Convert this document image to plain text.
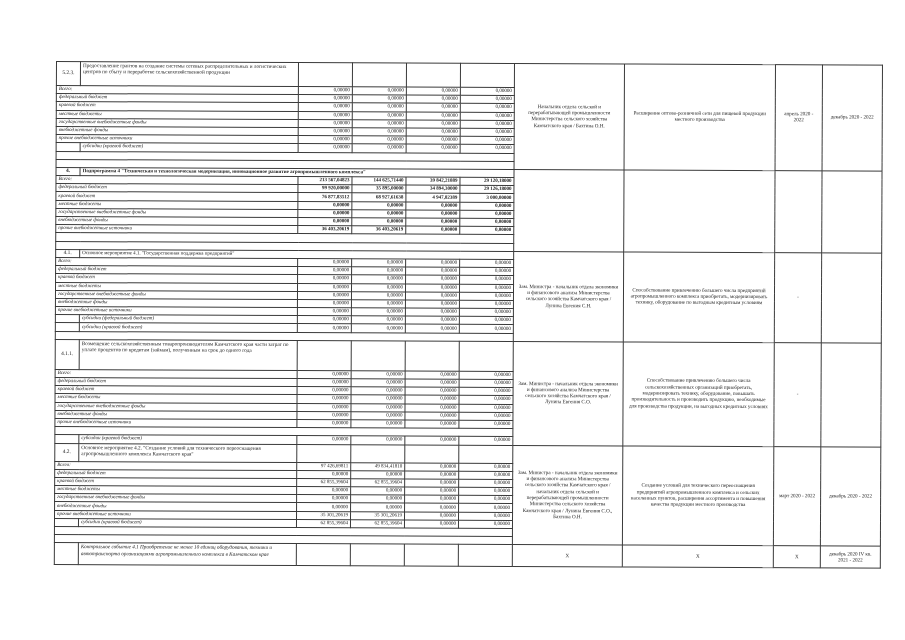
5.2.3.	Предоставление грантов на создание системы сетевых распределительных и логистических центров по сбыту и переработке сельскохозяйственной продукции					Начальник отдела сельской и перерабатывающей промышленности Министерства сельского хозяйства Камчатского края / Бахтина О.Н.	Расширение оптово-розничной сети для пищевой продукции местного производства	апрель 2020 - 2022	декабрь 2020 - 2022
Всего:		0,00000	0,00000	0,00000	0,00000				
федеральный бюджет		0,00000	0,00000	0,00000	0,00000				
краевой бюджет		0,00000	0,00000	0,00000	0,00000				
местные бюджеты		0,00000	0,00000	0,00000	0,00000				
государственные внебюджетные фонды		0,00000	0,00000	0,00000	0,00000				
внебюджетные фонды		0,00000	0,00000	0,00000	0,00000				
прочие внебюджетные источники		0,00000	0,00000	0,00000	0,00000				
	субсидии (краевой бюджет)	0,00000	0,00000	0,00000	0,00000				

4.	Подпрограмма 4 "Техническая и технологическая модернизация, инновационное развитие агропромышленного комплекса"								
Всего:		213 567,04823	144 625,71440	39 842,21889	29 120,18000				
федеральный бюджет		99 920,00000	35 895,00000	34 894,30000	29 126,18000				
краевой бюджет		76 877,83512	68 927,61638	4 947,82389	3 000,00000				
местные бюджеты		0,00000	0,00000	0,00000	0,00000				
государственные внебюджетные фонды		0,00000	0,00000	0,00000	0,00000				
внебюджетные фонды		0,00000	0,00000	0,00000	0,00000				
прочие внебюджетные источники		36 403,20619	36 403,20619	0,00000	0,00000				

4.1.	Основное мероприятие 4.1. "Государственная поддержка предприятий"					Зам. Министра - начальник отдела экономики и финансового анализа Министерства сельского хозяйства Камчатского края / Лунина Евгения С.Н.	Способствование привлечению большего числа предприятий агропромышленного комплекса приобретать, модернизировать технику, оборудование по выгодным кредитным условиям	-	
Всего:		0,00000	0,00000	0,00000	0,00000				
федеральный бюджет		0,00000	0,00000	0,00000	0,00000				
краевой бюджет		0,00000	0,00000	0,00000	0,00000				
местные бюджеты		0,00000	0,00000	0,00000	0,00000				
государственные внебюджетные фонды		0,00000	0,00000	0,00000	0,00000				
внебюджетные фонды		0,00000	0,00000	0,00000	0,00000				
прочие внебюджетные источники		0,00000	0,00000	0,00000	0,00000				
	субсидии (федеральный бюджет)	0,00000	0,00000	0,00000	0,00000				
	субсидии (краевой бюджет)	0,00000	0,00000	0,00000	0,00000				

4.1.1.	Возмещение сельскохозяйственным товаропроизводителям Камчатского края части затрат по уплате процентов по кредитам (займам), полученным на срок до одного года					Зам. Министра - начальник отдела экономики и финансового анализа Министерства сельского хозяйства Камчатского края / Лунина Евгения С.О.	Способствование привлечению большего числа сельскохозяйственных организаций приобретать, модернизировать технику, оборудование, повышать производительность и производить продукцию, необходимые для производства продукции, на выгодных кредитных условиях	-	
Всего:		0,00000	0,00000	0,00000	0,00000				
федеральный бюджет		0,00000	0,00000	0,00000	0,00000				
краевой бюджет		0,00000	0,00000	0,00000	0,00000				
местные бюджеты		0,00000	0,00000	0,00000	0,00000				
государственные внебюджетные фонды		0,00000	0,00000	0,00000	0,00000				
внебюджетные фонды		0,00000	0,00000	0,00000	0,00000				
прочие внебюджетные источники		0,00000	0,00000	0,00000	0,00000				

	субсидии (краевой бюджет)	0,00000	0,00000	0,00000	0,00000				
4.2.	Основное мероприятие 4.2. "Создание условий для технического переоснащения агропромышленного комплекса Камчатского края"					Зам. Министра - начальник отдела экономики и финансового анализа Министерства сельского хозяйства Камчатского края / начальник отдела сельской и перерабатывающей промышленности Министерства сельского хозяйства Камчатского края / Лунина Евгения С.О., Бахтина О.Н.	Создание условий для технического переоснащения предприятий агропромышленного комплекса и сельских населенных пунктов, расширения ассортимента и повышения качества продукции местного производства	март 2020 - 2022	декабрь 2020 - 2022
Всего:		97 426,69811	49 834,41810	0,00000	0,00000				
федеральный бюджет		0,00000	0,00000	0,00000	0,00000				
краевой бюджет		62 855,39604	62 855,39604	0,00000	0,00000				
местные бюджеты		0,00000	0,00000	0,00000	0,00000				
государственные внебюджетные фонды		0,00000	0,00000	0,00000	0,00000				
внебюджетные фонды		0,00000	0,00000	0,00000	0,00000				
прочие внебюджетные источники		35 301,20619	35 301,20619	0,00000	0,00000				
	субсидии (краевой бюджет)	62 855,39604	62 855,39604	0,00000	0,00000				

	Контрольное событие 4.1 Приобретение не менее 10 единиц оборудования, техники и автотранспорта организациями агропромышленного комплекса в Камчатском крае					Х	Х	Х	декабрь 2020 IV кв. 2021 - 2022
